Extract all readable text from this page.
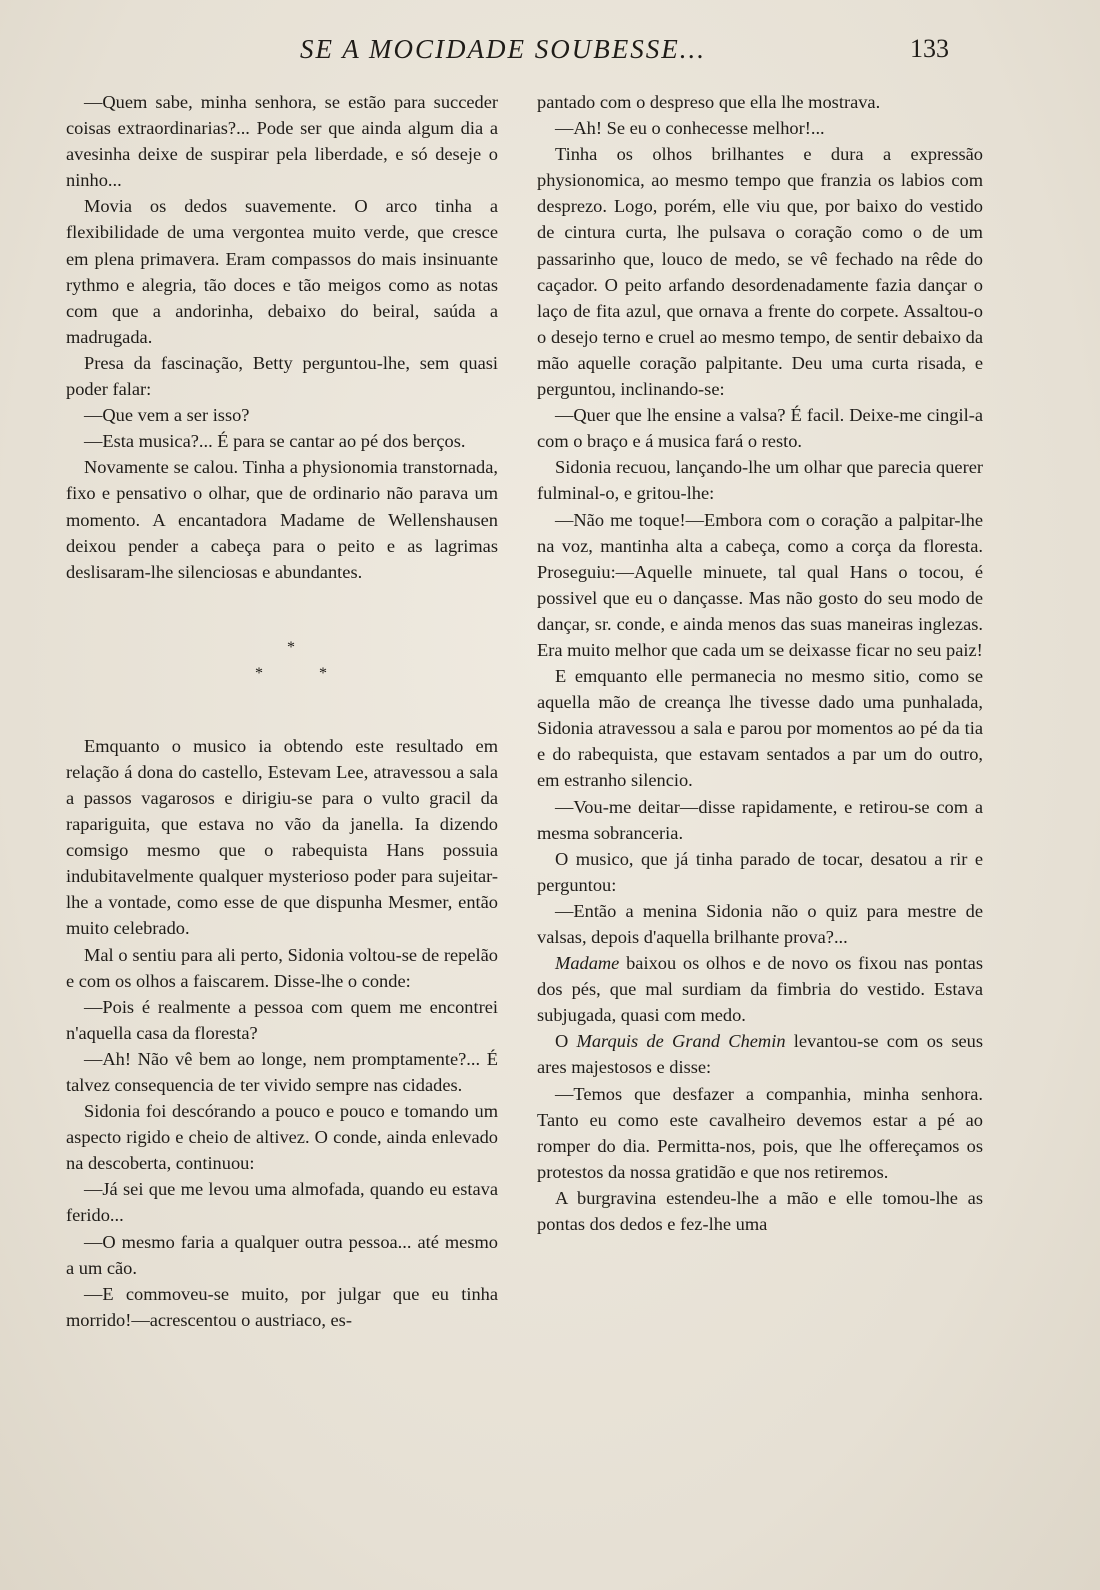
SE A MOCIDADE SOUBESSE...	133

—Quem sabe, minha senhora, se estão para succeder coisas extraordinarias?... Pode ser que ainda algum dia a avesinha deixe de suspirar pela liberdade, e só deseje o ninho...

Movia os dedos suavemente. O arco tinha a flexibilidade de uma vergontea muito verde, que cresce em plena primavera. Eram compassos do mais insinuante rythmo e alegria, tão doces e tão meigos como as notas com que a andorinha, debaixo do beiral, saúda a madrugada.

Presa da fascinação, Betty perguntou-lhe, sem quasi poder falar:

—Que vem a ser isso?

—Esta musica?... É para se cantar ao pé dos berços.

Novamente se calou. Tinha a physionomia transtornada, fixo e pensativo o olhar, que de ordinario não parava um momento. A encantadora Madame de Wellenshausen deixou pender a cabeça para o peito e as lagrimas deslisaram-lhe silenciosas e abundantes.

*

* *

Emquanto o musico ia obtendo este resultado em relação á dona do castello, Estevam Lee, atravessou a sala a passos vagarosos e dirigiu-se para o vulto gracil da rapariguita, que estava no vão da janella. Ia dizendo comsigo mesmo que o rabequista Hans possuia indubitavelmente qualquer mysterioso poder para sujeitar-lhe a vontade, como esse de que dispunha Mesmer, então muito celebrado.

Mal o sentiu para ali perto, Sidonia voltou-se de repelão e com os olhos a faiscarem. Disse-lhe o conde:

—Pois é realmente a pessoa com quem me encontrei n'aquella casa da floresta?

—Ah! Não vê bem ao longe, nem promptamente?... É talvez consequencia de ter vivido sempre nas cidades.

Sidonia foi descórando a pouco e pouco e tomando um aspecto rigido e cheio de altivez. O conde, ainda enlevado na descoberta, continuou:

—Já sei que me levou uma almofada, quando eu estava ferido...

—O mesmo faria a qualquer outra pessoa... até mesmo a um cão.

—E commoveu-se muito, por julgar que eu tinha morrido!—acrescentou o austriaco, es-

pantado com o despreso que ella lhe mostrava.

—Ah! Se eu o conhecesse melhor!...

Tinha os olhos brilhantes e dura a expressão physionomica, ao mesmo tempo que franzia os labios com desprezo. Logo, porém, elle viu que, por baixo do vestido de cintura curta, lhe pulsava o coração como o de um passarinho que, louco de medo, se vê fechado na rêde do caçador. O peito arfando desordenadamente fazia dançar o laço de fita azul, que ornava a frente do corpete. Assaltou-o o desejo terno e cruel ao mesmo tempo, de sentir debaixo da mão aquelle coração palpitante. Deu uma curta risada, e perguntou, inclinando-se:

—Quer que lhe ensine a valsa? É facil. Deixe-me cingil-a com o braço e á musica fará o resto.

Sidonia recuou, lançando-lhe um olhar que parecia querer fulminal-o, e gritou-lhe:

—Não me toque!—Embora com o coração a palpitar-lhe na voz, mantinha alta a cabeça, como a corça da floresta. Proseguiu:—Aquelle minuete, tal qual Hans o tocou, é possivel que eu o dançasse. Mas não gosto do seu modo de dançar, sr. conde, e ainda menos das suas maneiras inglezas. Era muito melhor que cada um se deixasse ficar no seu paiz!

E emquanto elle permanecia no mesmo sitio, como se aquella mão de creança lhe tivesse dado uma punhalada, Sidonia atravessou a sala e parou por momentos ao pé da tia e do rabequista, que estavam sentados a par um do outro, em estranho silencio.

—Vou-me deitar—disse rapidamente, e retirou-se com a mesma sobranceria.

O musico, que já tinha parado de tocar, desatou a rir e perguntou:

—Então a menina Sidonia não o quiz para mestre de valsas, depois d'aquella brilhante prova?...

Madame baixou os olhos e de novo os fixou nas pontas dos pés, que mal surdiam da fimbria do vestido. Estava subjugada, quasi com medo.

O Marquis de Grand Chemin levantou-se com os seus ares majestosos e disse:

—Temos que desfazer a companhia, minha senhora. Tanto eu como este cavalheiro devemos estar a pé ao romper do dia. Permitta-nos, pois, que lhe offereçamos os protestos da nossa gratidão e que nos retiremos.

A burgravina estendeu-lhe a mão e elle tomou-lhe as pontas dos dedos e fez-lhe uma
